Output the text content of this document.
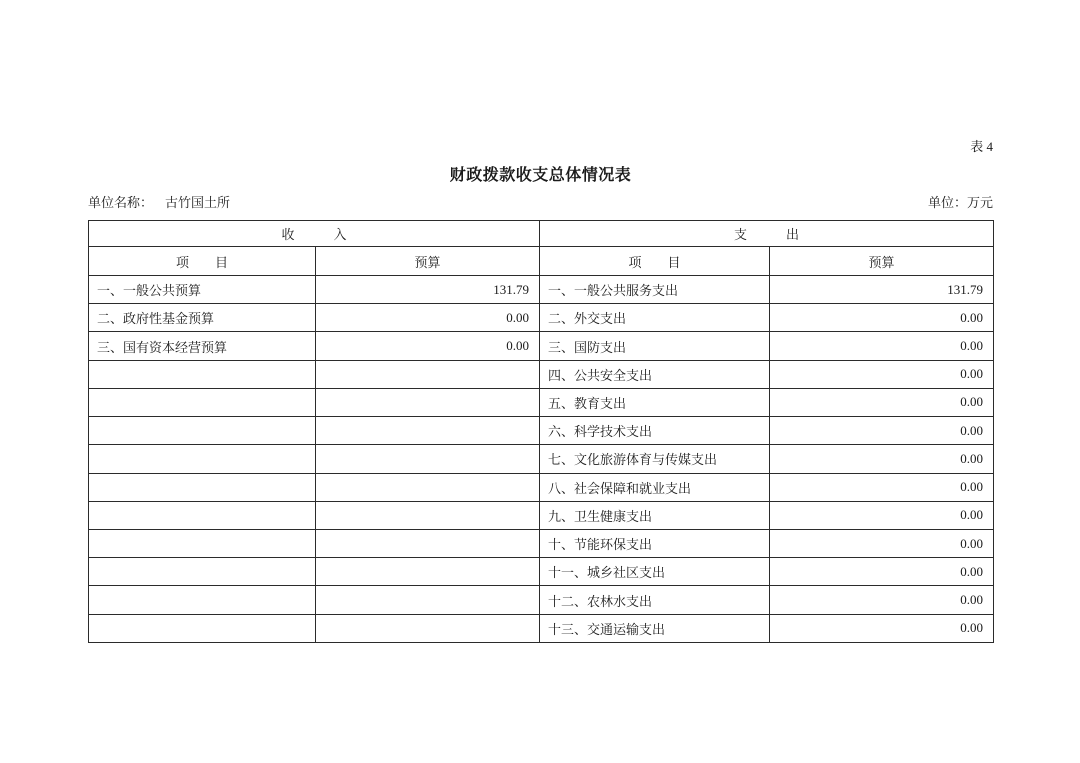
表 4
财政拨款收支总体情况表
单位名称： 古竹国土所	单位：万元
收入		支出	
项目	预算	项目	预算
一、一般公共预算	131.79	一、一般公共服务支出	131.79
二、政府性基金预算	0.00	二、外交支出	0.00
三、国有资本经营预算	0.00	三、国防支出	0.00
		四、公共安全支出	0.00
		五、教育支出	0.00
		六、科学技术支出	0.00
		七、文化旅游体育与传媒支出	0.00
		八、社会保障和就业支出	0.00
		九、卫生健康支出	0.00
		十、节能环保支出	0.00
		十一、城乡社区支出	0.00
		十二、农林水支出	0.00
		十三、交通运输支出	0.00
